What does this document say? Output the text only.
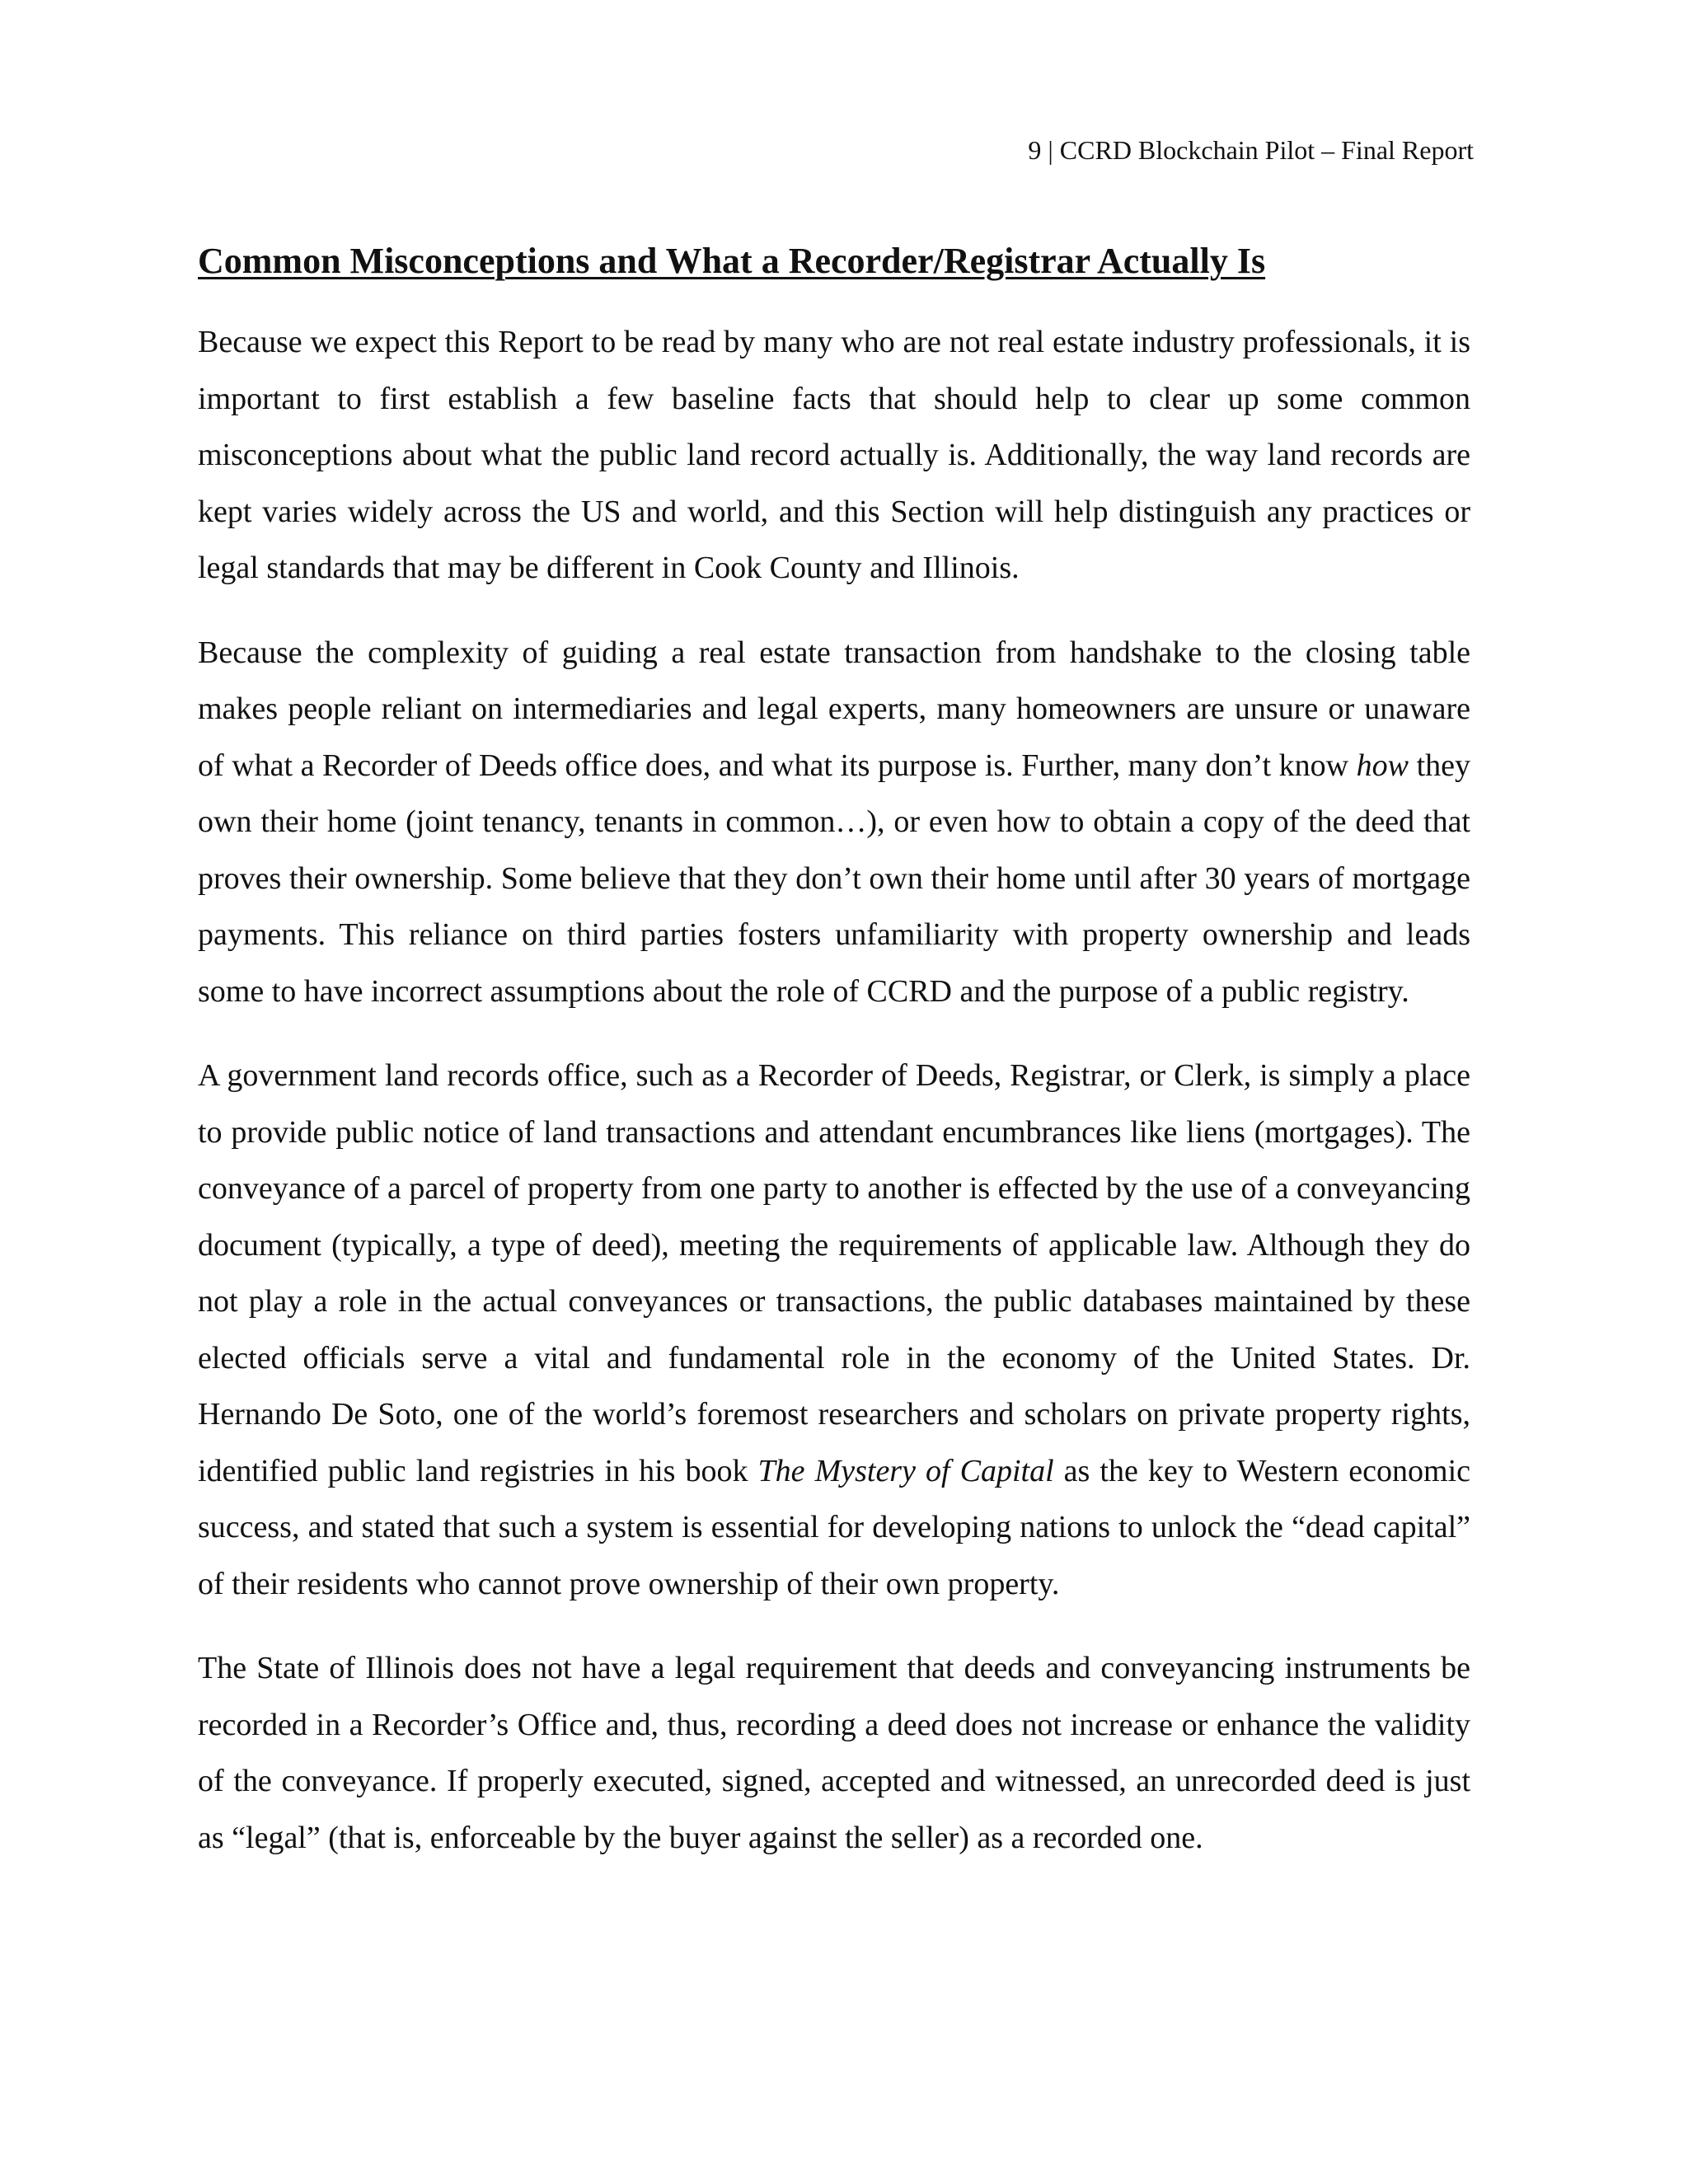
9 | CCRD Blockchain Pilot – Final Report
Common Misconceptions and What a Recorder/Registrar Actually Is

Because we expect this Report to be read by many who are not real estate industry professionals, it is important to first establish a few baseline facts that should help to clear up some common misconceptions about what the public land record actually is. Additionally, the way land records are kept varies widely across the US and world, and this Section will help distinguish any practices or legal standards that may be different in Cook County and Illinois.

Because the complexity of guiding a real estate transaction from handshake to the closing table makes people reliant on intermediaries and legal experts, many homeowners are unsure or unaware of what a Recorder of Deeds office does, and what its purpose is. Further, many don’t know how they own their home (joint tenancy, tenants in common…), or even how to obtain a copy of the deed that proves their ownership. Some believe that they don’t own their home until after 30 years of mortgage payments. This reliance on third parties fosters unfamiliarity with property ownership and leads some to have incorrect assumptions about the role of CCRD and the purpose of a public registry.

A government land records office, such as a Recorder of Deeds, Registrar, or Clerk, is simply a place to provide public notice of land transactions and attendant encumbrances like liens (mortgages). The conveyance of a parcel of property from one party to another is effected by the use of a conveyancing document (typically, a type of deed), meeting the requirements of applicable law. Although they do not play a role in the actual conveyances or transactions, the public databases maintained by these elected officials serve a vital and fundamental role in the economy of the United States. Dr. Hernando De Soto, one of the world’s foremost researchers and scholars on private property rights, identified public land registries in his book The Mystery of Capital as the key to Western economic success, and stated that such a system is essential for developing nations to unlock the “dead capital” of their residents who cannot prove ownership of their own property.

The State of Illinois does not have a legal requirement that deeds and conveyancing instruments be recorded in a Recorder’s Office and, thus, recording a deed does not increase or enhance the validity of the conveyance. If properly executed, signed, accepted and witnessed, an unrecorded deed is just as “legal” (that is, enforceable by the buyer against the seller) as a recorded one.
